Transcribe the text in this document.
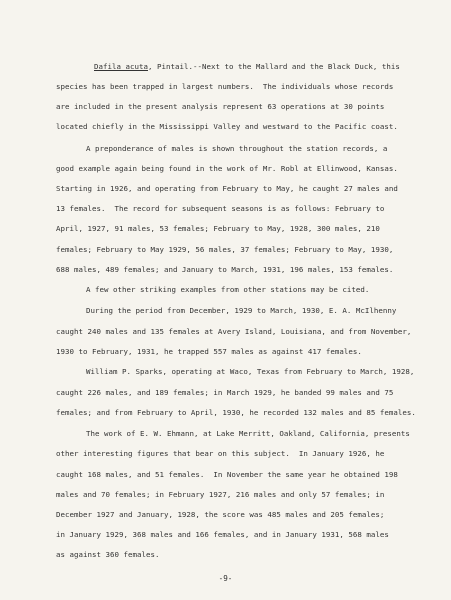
Dafila acuta, Pintail.--Next to the Mallard and the Black Duck, this
species has been trapped in largest numbers.  The individuals whose records
are included in the present analysis represent 63 operations at 30 points
located chiefly in the Mississippi Valley and westward to the Pacific coast.
A preponderance of males is shown throughout the station records, a
good example again being found in the work of Mr. Robl at Ellinwood, Kansas.
Starting in 1926, and operating from February to May, he caught 27 males and
13 females.  The record for subsequent seasons is as follows: February to
April, 1927, 91 males, 53 females; February to May, 1928, 300 males, 210
females; February to May 1929, 56 males, 37 females; February to May, 1930,
688 males, 489 females; and January to March, 1931, 196 males, 153 females.
A few other striking examples from other stations may be cited.
During the period from December, 1929 to March, 1930, E. A. McIlhenny
caught 240 males and 135 females at Avery Island, Louisiana, and from November,
1930 to February, 1931, he trapped 557 males as against 417 females.
William P. Sparks, operating at Waco, Texas from February to March, 1928,
caught 226 males, and 189 females; in March 1929, he banded 99 males and 75
females; and from February to April, 1930, he recorded 132 males and 85 females.
The work of E. W. Ehmann, at Lake Merritt, Oakland, California, presents
other interesting figures that bear on this subject.  In January 1926, he
caught 168 males, and 51 females.  In November the same year he obtained 198
males and 70 females; in February 1927, 216 males and only 57 females; in
December 1927 and January, 1928, the score was 485 males and 205 females;
in January 1929, 368 males and 166 females, and in January 1931, 568 males
as against 360 females.
-9-
